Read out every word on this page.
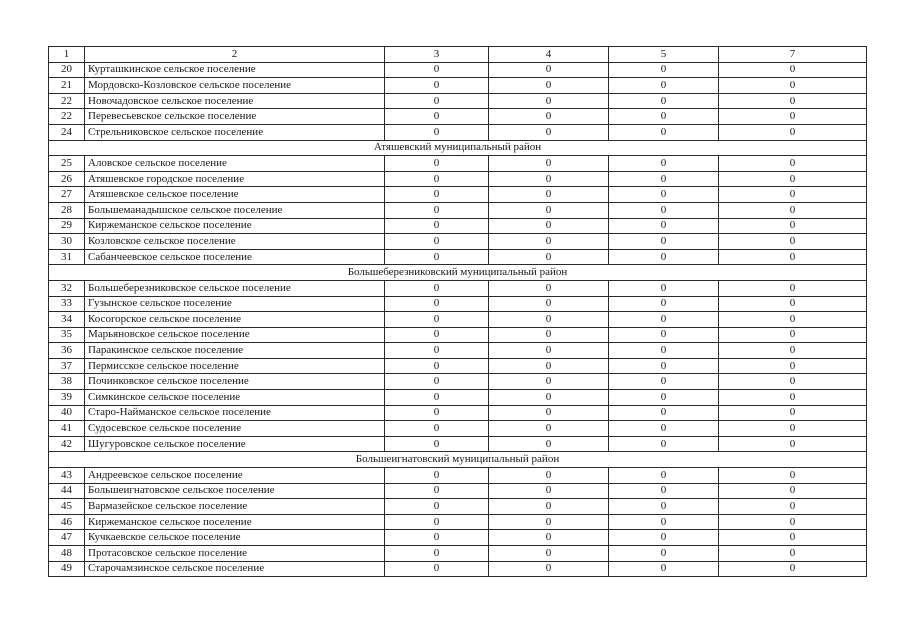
1	2	3	4	5	7
20	Курташкинское сельское поселение	0	0	0	0
21	Мордовско-Козловское сельское поселение	0	0	0	0
22	Новочадовское сельское поселение	0	0	0	0
22	Перевесьевское сельское поселение	0	0	0	0
24	Стрельниковское сельское поселение	0	0	0	0
Атяшевский муниципальный район					
25	Аловское сельское поселение	0	0	0	0
26	Атяшевское городское поселение	0	0	0	0
27	Атяшевское сельское поселение	0	0	0	0
28	Большеманадышское сельское поселение	0	0	0	0
29	Киржеманское сельское поселение	0	0	0	0
30	Козловское сельское поселение	0	0	0	0
31	Сабанчеевское сельское поселение	0	0	0	0
Большеберезниковский муниципальный район					
32	Большеберезниковское сельское поселение	0	0	0	0
33	Гузынское сельское поселение	0	0	0	0
34	Косогорское сельское поселение	0	0	0	0
35	Марьяновское сельское поселение	0	0	0	0
36	Паракинское сельское поселение	0	0	0	0
37	Пермисское сельское поселение	0	0	0	0
38	Починковское сельское поселение	0	0	0	0
39	Симкинское сельское поселение	0	0	0	0
40	Старо-Найманское сельское поселение	0	0	0	0
41	Судосевское сельское поселение	0	0	0	0
42	Шугуровское сельское поселение	0	0	0	0
Большеигнатовский муниципальный район					
43	Андреевское сельское поселение	0	0	0	0
44	Большеигнатовское сельское поселение	0	0	0	0
45	Вармазейское сельское поселение	0	0	0	0
46	Киржеманское сельское поселение	0	0	0	0
47	Кучкаевское сельское поселение	0	0	0	0
48	Протасовское сельское поселение	0	0	0	0
49	Старочамзинское сельское поселение	0	0	0	0
